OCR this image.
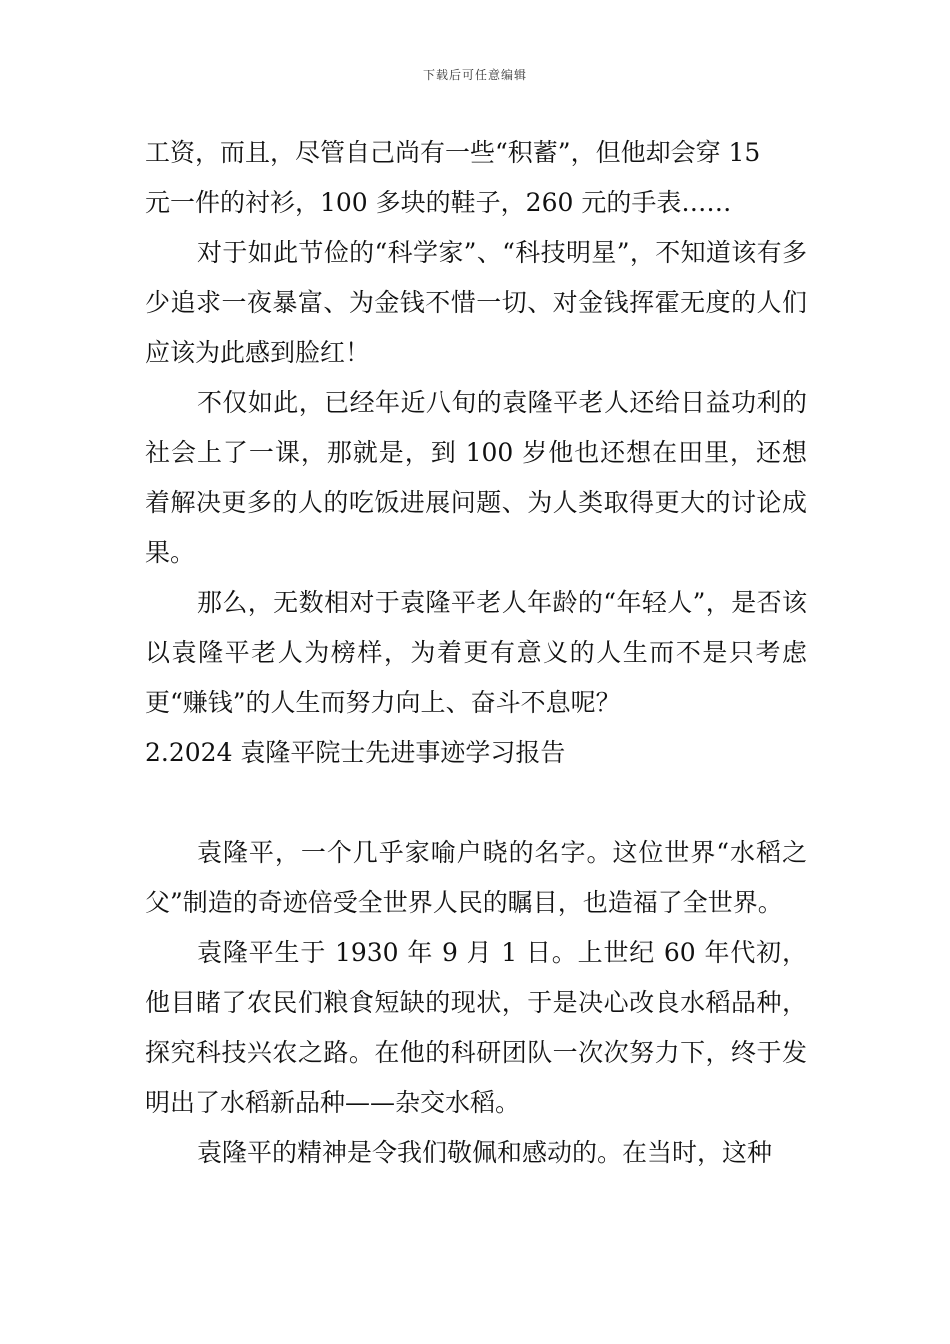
下载后可任意编辑

工资，而且，尽管自己尚有一些“积蓄”，但他却会穿 15

元一件的衬衫，100 多块的鞋子，260 元的手表……

对于如此节俭的“科学家”、“科技明星”，不知道该有多少追求一夜暴富、为金钱不惜一切、对金钱挥霍无度的人们应该为此感到脸红！

不仅如此，已经年近八旬的袁隆平老人还给日益功利的社会上了一课，那就是，到 100 岁他也还想在田里，还想着解决更多的人的吃饭进展问题、为人类取得更大的讨论成果。

那么，无数相对于袁隆平老人年龄的“年轻人”，是否该以袁隆平老人为榜样，为着更有意义的人生而不是只考虑更“赚钱”的人生而努力向上、奋斗不息呢？

2.2024 袁隆平院士先进事迹学习报告

袁隆平，一个几乎家喻户晓的名字。这位世界“水稻之父”制造的奇迹倍受全世界人民的瞩目，也造福了全世界。

袁隆平生于 1930 年 9 月 1 日。上世纪 60 年代初，他目睹了农民们粮食短缺的现状，于是决心改良水稻品种，探究科技兴农之路。在他的科研团队一次次努力下，终于发明出了水稻新品种——杂交水稻。

袁隆平的精神是令我们敬佩和感动的。在当时，这种
